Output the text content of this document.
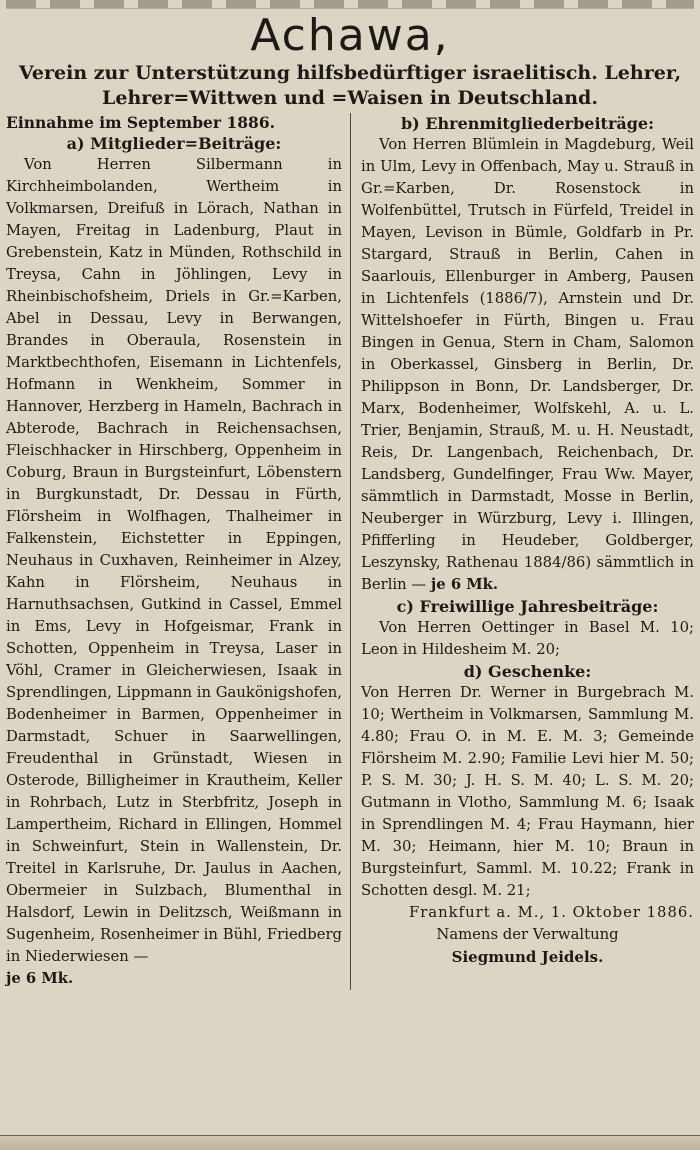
Achawa,

Verein zur Unterstützung hilfsbedürftiger israelitisch. Lehrer, Lehrer=Wittwen und =Waisen in Deutschland.

Einnahme im September 1886.
a) Mitglieder=Beiträge:

Von Herren Silbermann in Kirchheimbolanden, Wertheim in Volkmarsen, Dreifuß in Lörach, Nathan in Mayen, Freitag in Ladenburg, Plaut in Grebenstein, Katz in Münden, Rothschild in Treysa, Cahn in Jöhlingen, Levy in Rheinbischofsheim, Driels in Gr.=Karben, Abel in Dessau, Levy in Berwangen, Brandes in Oberaula, Rosenstein in Marktbechthofen, Eisemann in Lichtenfels, Hofmann in Wenkheim, Sommer in Hannover, Herzberg in Hameln, Bachrach in Abterode, Bachrach in Reichensachsen, Fleischhacker in Hirschberg, Oppenheim in Coburg, Braun in Burgsteinfurt, Löbenstern in Burgkunstadt, Dr. Dessau in Fürth, Flörsheim in Wolfhagen, Thalheimer in Falkenstein, Eichstetter in Eppingen, Neuhaus in Cuxhaven, Reinheimer in Alzey, Kahn in Flörsheim, Neuhaus in Harnuthsachsen, Gutkind in Cassel, Emmel in Ems, Levy in Hofgeismar, Frank in Schotten, Oppenheim in Treysa, Laser in Vöhl, Cramer in Gleicherwiesen, Isaak in Sprendlingen, Lippmann in Gaukönigshofen, Bodenheimer in Barmen, Oppenheimer in Darmstadt, Schuer in Saarwellingen, Freudenthal in Grünstadt, Wiesen in Osterode, Billigheimer in Krautheim, Keller in Rohrbach, Lutz in Sterbfritz, Joseph in Lampertheim, Richard in Ellingen, Hommel in Schweinfurt, Stein in Wallenstein, Dr. Treitel in Karlsruhe, Dr. Jaulus in Aachen, Obermeier in Sulzbach, Blumenthal in Halsdorf, Lewin in Delitzsch, Weißmann in Sugenheim, Rosenheimer in Bühl, Friedberg in Niederwiesen —
je 6 Mk.

b) Ehrenmitgliederbeiträge:

Von Herren Blümlein in Magdeburg, Weil in Ulm, Levy in Offenbach, May u. Strauß in Gr.=Karben, Dr. Rosenstock in Wolfenbüttel, Trutsch in Fürfeld, Treidel in Mayen, Levison in Bümle, Goldfarb in Pr. Stargard, Strauß in Berlin, Cahen in Saarlouis, Ellenburger in Amberg, Pausen in Lichtenfels (1886/7), Arnstein und Dr. Wittelshoefer in Fürth, Bingen u. Frau Bingen in Genua, Stern in Cham, Salomon in Oberkassel, Ginsberg in Berlin, Dr. Philippson in Bonn, Dr. Landsberger, Dr. Marx, Bodenheimer, Wolfskehl, A. u. L. Trier, Benjamin, Strauß, M. u. H. Neustadt, Reis, Dr. Langenbach, Reichenbach, Dr. Landsberg, Gundelfinger, Frau Ww. Mayer, sämmtlich in Darmstadt, Mosse in Berlin, Neuberger in Würzburg, Levy i. Illingen, Pfifferling in Heudeber, Goldberger, Leszynsky, Rathenau 1884/86) sämmtlich in Berlin — je 6 Mk.

c) Freiwillige Jahresbeiträge:

Von Herren Oettinger in Basel M. 10; Leon in Hildesheim M. 20;

d) Geschenke:

Von Herren Dr. Werner in Burgebrach M. 10; Wertheim in Volkmarsen, Sammlung M. 4.80; Frau O. in M. E. M. 3; Gemeinde Flörsheim M. 2.90; Familie Levi hier M. 50; P. S. M. 30; J. H. S. M. 40; L. S. M. 20; Gutmann in Vlotho, Sammlung M. 6; Isaak in Sprendlingen M. 4; Frau Haymann, hier M. 30; Heimann, hier M. 10; Braun in Burgsteinfurt, Samml. M. 10.22; Frank in Schotten desgl. M. 21;

Frankfurt a. M., 1. Oktober 1886.
Namens der Verwaltung
Siegmund Jeidels.
